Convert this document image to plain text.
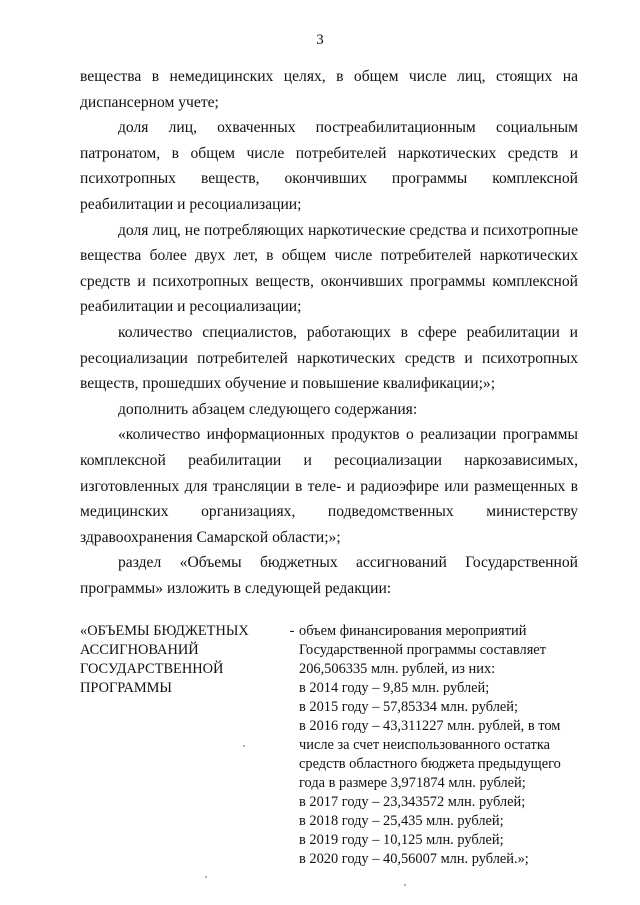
3

вещества в немедицинских целях, в общем числе лиц, стоящих на диспансерном учете;

доля лиц, охваченных постреабилитационным социальным патронатом, в общем числе потребителей наркотических средств и психотропных веществ, окончивших программы комплексной реабилитации и ресоциализации;

доля лиц, не потребляющих наркотические средства и психотропные вещества более двух лет, в общем числе потребителей наркотических средств и психотропных веществ, окончивших программы комплексной реабилитации и ресоциализации;

количество специалистов, работающих в сфере реабилитации и ресоциализации потребителей наркотических средств и психотропных веществ, прошедших обучение и повышение квалификации;»;

дополнить абзацем следующего содержания:

«количество информационных продуктов о реализации программы комплексной реабилитации и ресоциализации наркозависимых, изготовленных для трансляции в теле- и радиоэфире или размещенных в медицинских организациях, подведомственных министерству здравоохранения Самарской области;»;

раздел «Объемы бюджетных ассигнований Государственной программы» изложить в следующей редакции:

«ОБЪЕМЫ БЮДЖЕТНЫХ
АССИГНОВАНИЙ
ГОСУДАРСТВЕННОЙ
ПРОГРАММЫ
- объем финансирования мероприятий
Государственной программы составляет
206,506335 млн. рублей, из них:
в 2014 году – 9,85 млн. рублей;
в 2015 году – 57,85334 млн. рублей;
в 2016 году – 43,311227 млн. рублей, в том
числе за счет неиспользованного остатка
средств областного бюджета предыдущего
года в размере 3,971874 млн. рублей;
в 2017 году – 23,343572 млн. рублей;
в 2018 году – 25,435 млн. рублей;
в 2019 году – 10,125 млн. рублей;
в 2020 году – 40,56007 млн. рублей.»;
